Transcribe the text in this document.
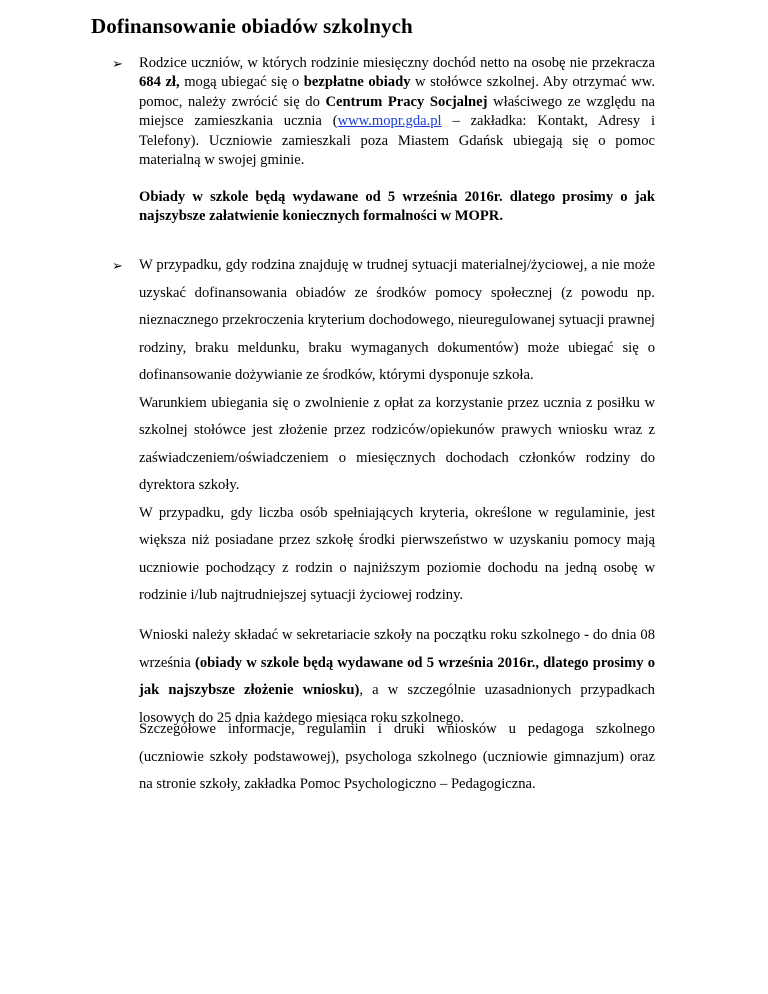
Dofinansowanie obiadów szkolnych
➢ Rodzice uczniów, w których rodzinie miesięczny dochód netto na osobę nie przekracza 684 zł, mogą ubiegać się o bezpłatne obiady w stołówce szkolnej. Aby otrzymać ww. pomoc, należy zwrócić się do Centrum Pracy Socjalnej właściwego ze względu na miejsce zamieszkania ucznia (www.mopr.gda.pl – zakładka: Kontakt, Adresy i Telefony). Uczniowie zamieszkali poza Miastem Gdańsk ubiegają się o pomoc materialną w swojej gminie.
Obiady w szkole będą wydawane od 5 września 2016r. dlatego prosimy o jak najszybsze załatwienie koniecznych formalności w MOPR.
➢ W przypadku, gdy rodzina znajduję w trudnej sytuacji materialnej/życiowej, a nie może uzyskać dofinansowania obiadów ze środków pomocy społecznej (z powodu np. nieznacznego przekroczenia kryterium dochodowego, nieuregulowanej sytuacji prawnej rodziny, braku meldunku, braku wymaganych dokumentów) może ubiegać się o dofinansowanie dożywianie ze środków, którymi dysponuje szkoła.

Warunkiem ubiegania się o zwolnienie z opłat za korzystanie przez ucznia z posiłku w szkolnej stołówce jest złożenie przez rodziców/opiekunów prawych wniosku wraz z zaświadczeniem/oświadczeniem o miesięcznych dochodach członków rodziny do dyrektora szkoły.

W przypadku, gdy liczba osób spełniających kryteria, określone w regulaminie, jest większa niż posiadane przez szkołę środki pierwszeństwo w uzyskaniu pomocy mają uczniowie pochodzący z rodzin o najniższym poziomie dochodu na jedną osobę w rodzinie i/lub najtrudniejszej sytuacji życiowej rodziny.

Wnioski należy składać w sekretariacie szkoły na początku roku szkolnego - do dnia 08 września (obiady w szkole będą wydawane od 5 września 2016r., dlatego prosimy o jak najszybsze złożenie wniosku), a w szczególnie uzasadnionych przypadkach losowych do 25 dnia każdego miesiąca roku szkolnego.
Szczegółowe informacje, regulamin i druki wniosków u pedagoga szkolnego (uczniowie szkoły podstawowej), psychologa szkolnego (uczniowie gimnazjum) oraz na stronie szkoły, zakładka Pomoc Psychologiczno – Pedagogiczna.
